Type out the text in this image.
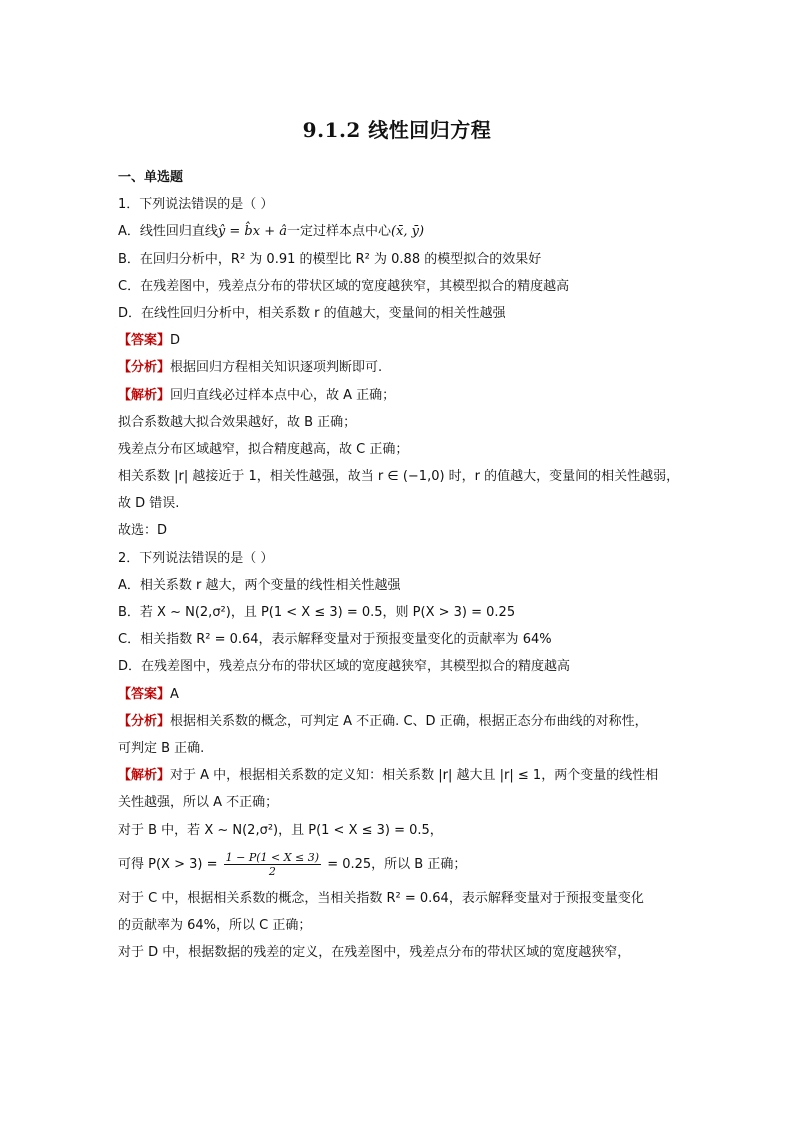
9.1.2 线性回归方程
一、单选题
1．下列说法错误的是（ ）
A．线性回归直线ŷ = b̂x + â一定过样本点中心(x̄, ȳ)
B．在回归分析中，R² 为 0.91 的模型比 R² 为 0.88 的模型拟合的效果好
C．在残差图中，残差点分布的带状区域的宽度越狭窄，其模型拟合的精度越高
D．在线性回归分析中，相关系数 r 的值越大，变量间的相关性越强
【答案】D
【分析】根据回归方程相关知识逐项判断即可.
【解析】回归直线必过样本点中心，故 A 正确；
拟合系数越大拟合效果越好，故 B 正确；
残差点分布区域越窄，拟合精度越高，故 C 正确；
相关系数 |r| 越接近于 1，相关性越强，故当 r ∈ (−1,0) 时，r 的值越大，变量间的相关性越弱，
故 D 错误.
故选：D
2．下列说法错误的是（ ）
A．相关系数 r 越大，两个变量的线性相关性越强
B．若 X ~ N(2,σ²)，且 P(1 < X ≤ 3) = 0.5，则 P(X > 3) = 0.25
C．相关指数 R² = 0.64，表示解释变量对于预报变量变化的贡献率为 64%
D．在残差图中，残差点分布的带状区域的宽度越狭窄，其模型拟合的精度越高
【答案】A
【分析】根据相关系数的概念，可判定 A 不正确. C、D 正确，根据正态分布曲线的对称性，
可判定 B 正确.
【解析】对于 A 中，根据相关系数的定义知：相关系数 |r| 越大且 |r| ≤ 1，两个变量的线性相
关性越强，所以 A 不正确；
对于 B 中，若 X ~ N(2,σ²)，且 P(1 < X ≤ 3) = 0.5，
可得 $P(X > 3) = \frac{1 - P(1 < X \le 3)}{2} = 0.25$，所以 B 正确；
对于 C 中，根据相关系数的概念，当相关指数 R² = 0.64，表示解释变量对于预报变量变化
的贡献率为 64%，所以 C 正确；
对于 D 中，根据数据的残差的定义，在残差图中，残差点分布的带状区域的宽度越狭窄，
